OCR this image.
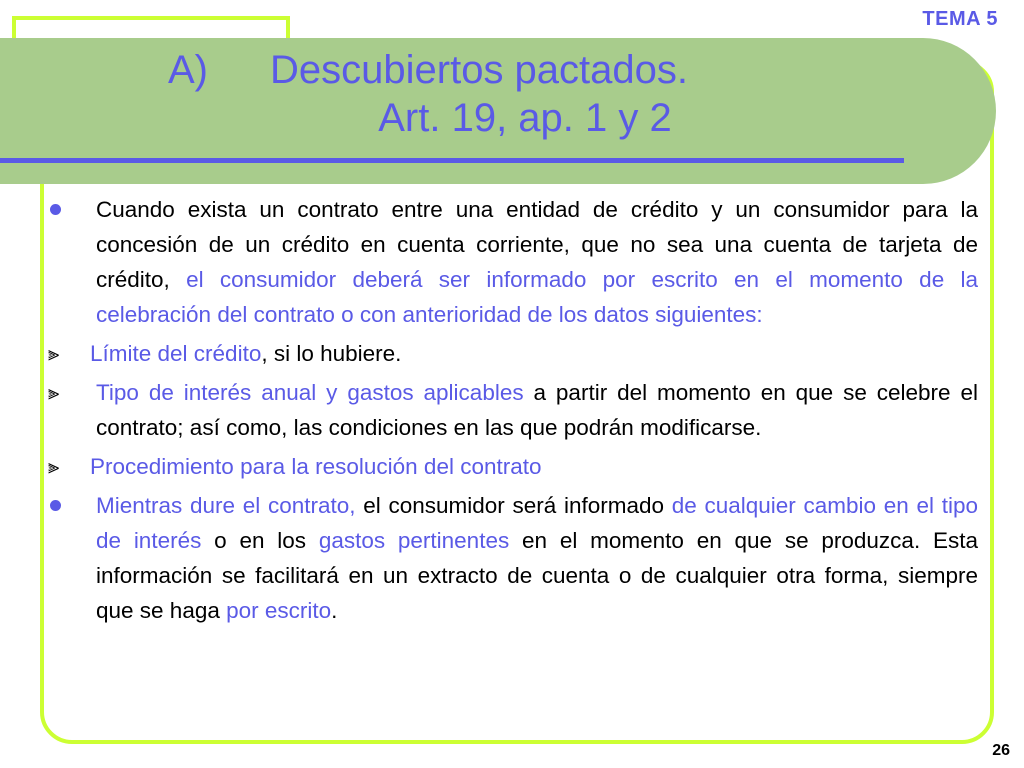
TEMA 5
A) Descubiertos pactados.
Art. 19, ap. 1 y 2
Cuando exista un contrato entre una entidad de crédito y un consumidor para la concesión de un crédito en cuenta corriente, que no sea una cuenta de tarjeta de crédito, el consumidor deberá ser informado por escrito en el momento de la celebración del contrato o con anterioridad de los datos siguientes:
⫸ Límite del crédito, si lo hubiere.
⫸ Tipo de interés anual y gastos aplicables a partir del momento en que se celebre el contrato; así como, las condiciones en las que podrán modificarse.
⫸ Procedimiento para la resolución del contrato
Mientras dure el contrato, el consumidor será informado de cualquier cambio en el tipo de interés o en los gastos pertinentes en el momento en que se produzca. Esta información se facilitará en un extracto de cuenta o de cualquier otra forma, siempre que se haga por escrito.
26
